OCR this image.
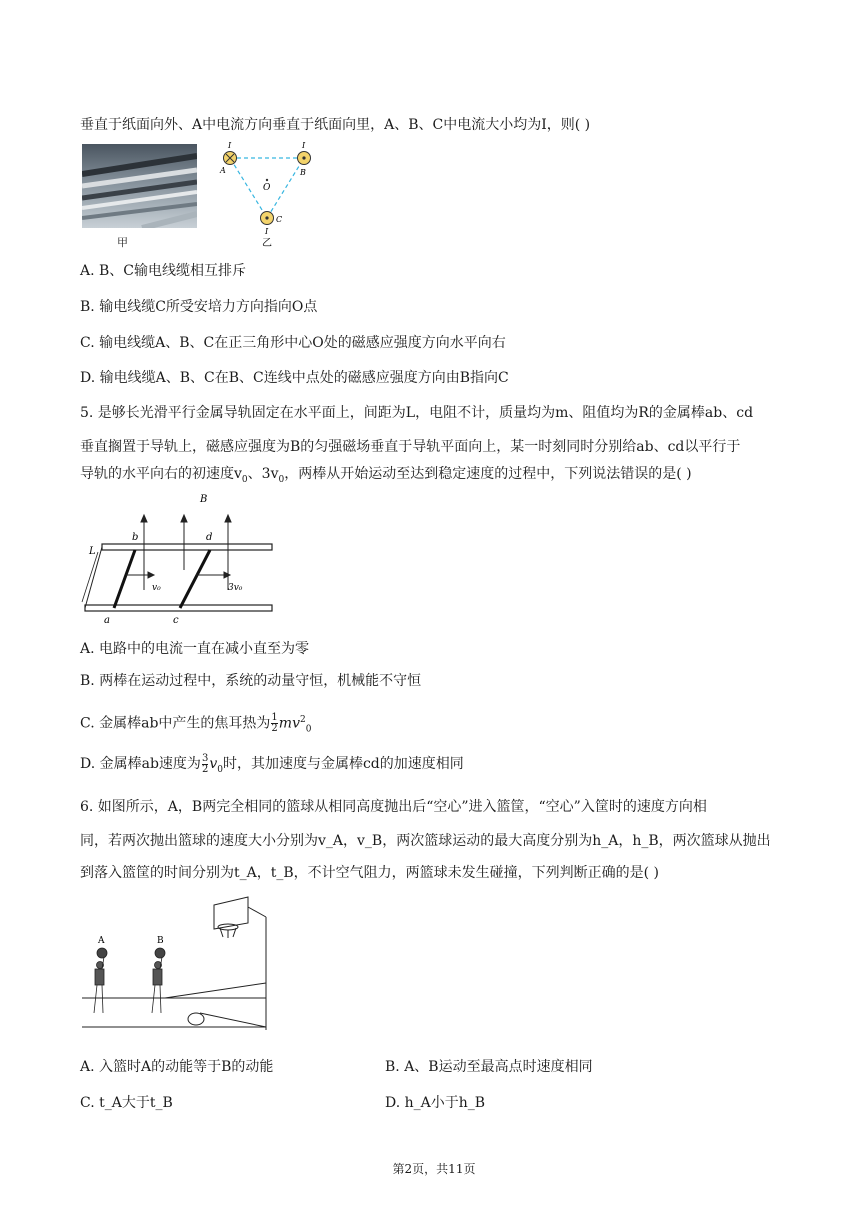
垂直于纸面向外、A中电流方向垂直于纸面向里，A、B、C中电流大小均为I，则( )
甲
I
A
I
B
O
C
I
乙
A. B、C输电线缆相互排斥
B. 输电线缆C所受安培力方向指向O点
C. 输电线缆A、B、C在正三角形中心O处的磁感应强度方向水平向右
D. 输电线缆A、B、C在B、C连线中点处的磁感应强度方向由B指向C
5. 是够长光滑平行金属导轨固定在水平面上，间距为L，电阻不计，质量均为m、阻值均为R的金属棒ab、cd
垂直搁置于导轨上，磁感应强度为B的匀强磁场垂直于导轨平面向上，某一时刻同时分别给ab、cd以平行于
导轨的水平向右的初速度$v_0$、$3v_0$，两棒从开始运动至达到稳定速度的过程中，下列说法错误的是( )
B
L
b	d
a	c
v₀	3v₀
A. 电路中的电流一直在减小直至为零
B. 两棒在运动过程中，系统的动量守恒，机械能不守恒
C. 金属棒ab中产生的焦耳热为 $\frac{1}{2} mv^2_0$
D. 金属棒ab速度为 $\frac{3}{2} v_0$时，其加速度与金属棒cd的加速度相同
6. 如图所示，A，B两完全相同的篮球从相同高度抛出后“空心”进入篮筐，“空心”入筐时的速度方向相
同，若两次抛出篮球的速度大小分别为v_A，v_B，两次篮球运动的最大高度分别为h_A，h_B，两次篮球从抛出
到落入篮筐的时间分别为t_A，t_B，不计空气阻力，两篮球未发生碰撞，下列判断正确的是( )
A	B
A. 入篮时A的动能等于B的动能	B. A、B运动至最高点时速度相同
C. t_A大于t_B	D. h_A小于h_B
第2页，共11页
